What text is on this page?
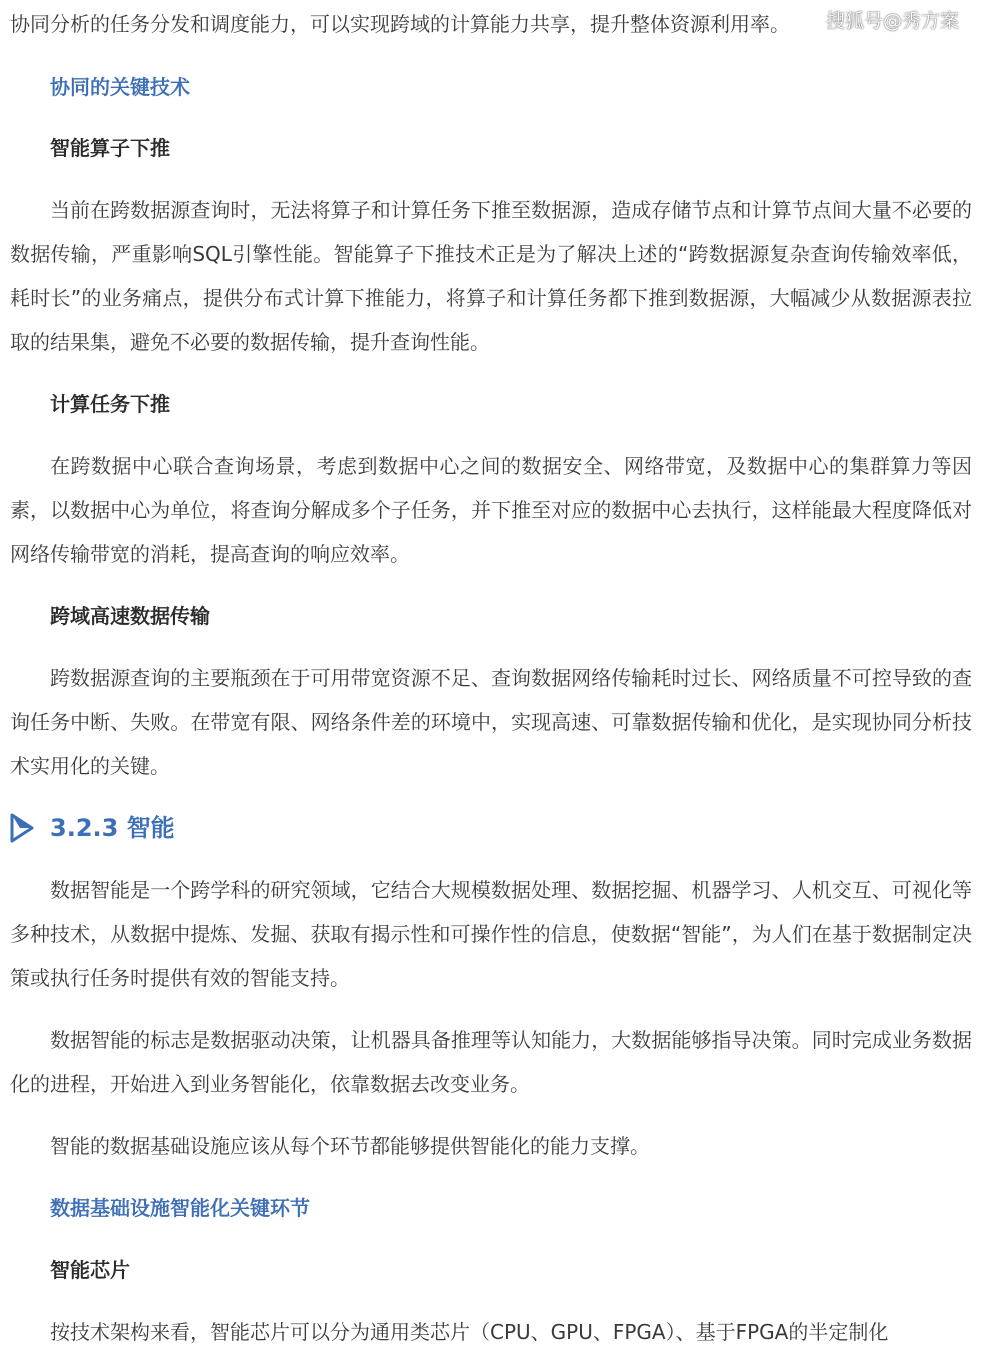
协同分析的任务分发和调度能力，可以实现跨域的计算能力共享，提升整体资源利用率。	搜狐号@秀方案
协同的关键技术
智能算子下推

当前在跨数据源查询时，无法将算子和计算任务下推至数据源，造成存储节点和计算节点间大量不必要的数据传输，严重影响SQL引擎性能。智能算子下推技术正是为了解决上述的“跨数据源复杂查询传输效率低，耗时长”的业务痛点，提供分布式计算下推能力，将算子和计算任务都下推到数据源，大幅减少从数据源表拉取的结果集，避免不必要的数据传输，提升查询性能。

计算任务下推

在跨数据中心联合查询场景，考虑到数据中心之间的数据安全、网络带宽，及数据中心的集群算力等因素，以数据中心为单位，将查询分解成多个子任务，并下推至对应的数据中心去执行，这样能最大程度降低对网络传输带宽的消耗，提高查询的响应效率。

跨域高速数据传输

跨数据源查询的主要瓶颈在于可用带宽资源不足、查询数据网络传输耗时过长、网络质量不可控导致的查询任务中断、失败。在带宽有限、网络条件差的环境中，实现高速、可靠数据传输和优化，是实现协同分析技术实用化的关键。

3.2.3 智能

数据智能是一个跨学科的研究领域，它结合大规模数据处理、数据挖掘、机器学习、人机交互、可视化等多种技术，从数据中提炼、发掘、获取有揭示性和可操作性的信息，使数据“智能”，为人们在基于数据制定决策或执行任务时提供有效的智能支持。

数据智能的标志是数据驱动决策，让机器具备推理等认知能力，大数据能够指导决策。同时完成业务数据化的进程，开始进入到业务智能化，依靠数据去改变业务。

智能的数据基础设施应该从每个环节都能够提供智能化的能力支撑。

数据基础设施智能化关键环节
智能芯片

按技术架构来看，智能芯片可以分为通用类芯片（CPU、GPU、FPGA）、基于FPGA的半定制化
